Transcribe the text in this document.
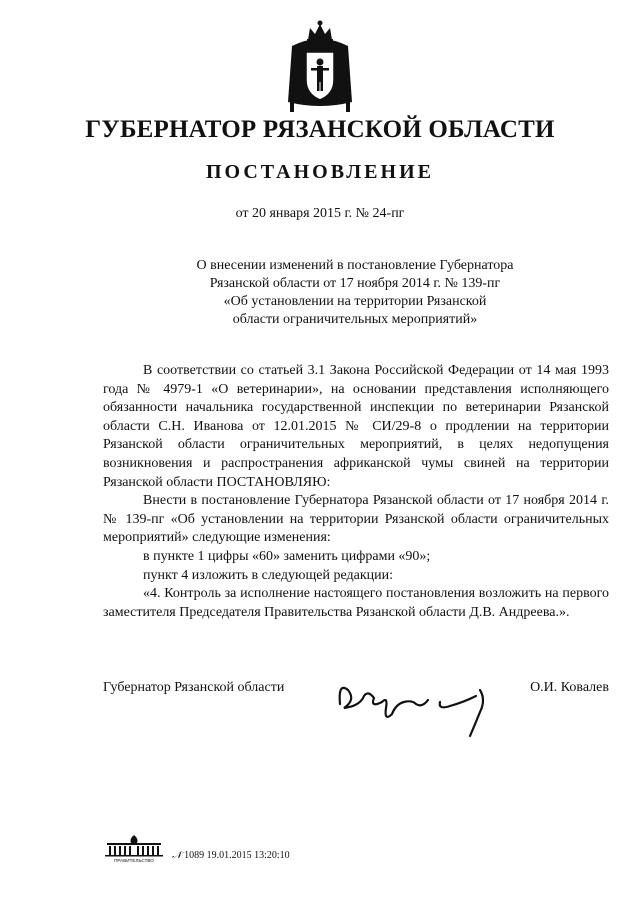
ГУБЕРНАТОР РЯЗАНСКОЙ ОБЛАСТИ
ПОСТАНОВЛЕНИЕ

от 20 января 2015 г. № 24-пг

О внесении изменений в постановление Губернатора
Рязанской области от 17 ноября 2014 г. № 139-пг
«Об установлении на территории Рязанской
области ограничительных мероприятий»

В соответствии со статьей 3.1 Закона Российской Федерации от 14 мая 1993 года № 4979-1 «О ветеринарии», на основании представления исполняющего обязанности начальника государственной инспекции по ветеринарии Рязанской области С.Н. Иванова от 12.01.2015 № СИ/29-8 о продлении на территории Рязанской области ограничительных мероприятий, в целях недопущения возникновения и распространения африканской чумы свиней на территории Рязанской области ПОСТАНОВЛЯЮ:

Внести в постановление Губернатора Рязанской области от 17 ноября 2014 г. № 139-пг «Об установлении на территории Рязанской области ограничительных мероприятий» следующие изменения:

в пункте 1 цифры «60» заменить цифрами «90»;

пункт 4 изложить в следующей редакции:

«4. Контроль за исполнение настоящего постановления возложить на первого заместителя Председателя Правительства Рязанской области Д.В. Андреева.».

Губернатор Рязанской области	О.И. Ковалев
ПРАВИТЕЛЬСТВО 𝒩 1089 19.01.2015 13:20:10
